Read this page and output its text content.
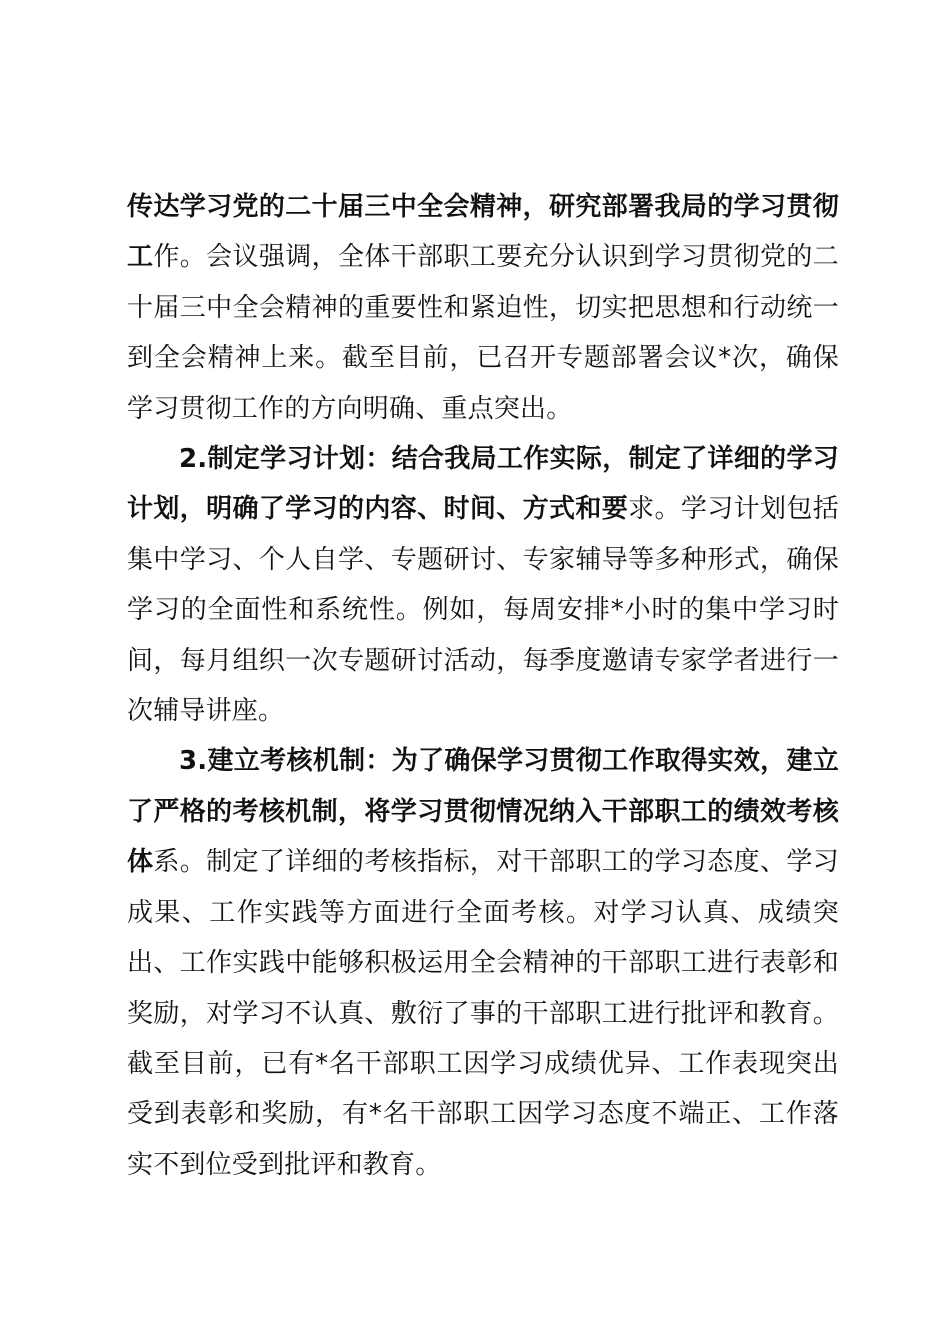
传达学习党的二十届三中全会精神，研究部署我局的学习贯彻工作。会议强调，全体干部职工要充分认识到学习贯彻党的二十届三中全会精神的重要性和紧迫性，切实把思想和行动统一到全会精神上来。截至目前，已召开专题部署会议*次，确保学习贯彻工作的方向明确、重点突出。

2.制定学习计划：结合我局工作实际，制定了详细的学习计划，明确了学习的内容、时间、方式和要求。学习计划包括集中学习、个人自学、专题研讨、专家辅导等多种形式，确保学习的全面性和系统性。例如，每周安排*小时的集中学习时间，每月组织一次专题研讨活动，每季度邀请专家学者进行一次辅导讲座。

3.建立考核机制：为了确保学习贯彻工作取得实效，建立了严格的考核机制，将学习贯彻情况纳入干部职工的绩效考核体系。制定了详细的考核指标，对干部职工的学习态度、学习成果、工作实践等方面进行全面考核。对学习认真、成绩突出、工作实践中能够积极运用全会精神的干部职工进行表彰和奖励，对学习不认真、敷衍了事的干部职工进行批评和教育。截至目前，已有*名干部职工因学习成绩优异、工作表现突出受到表彰和奖励，有*名干部职工因学习态度不端正、工作落实不到位受到批评和教育。
